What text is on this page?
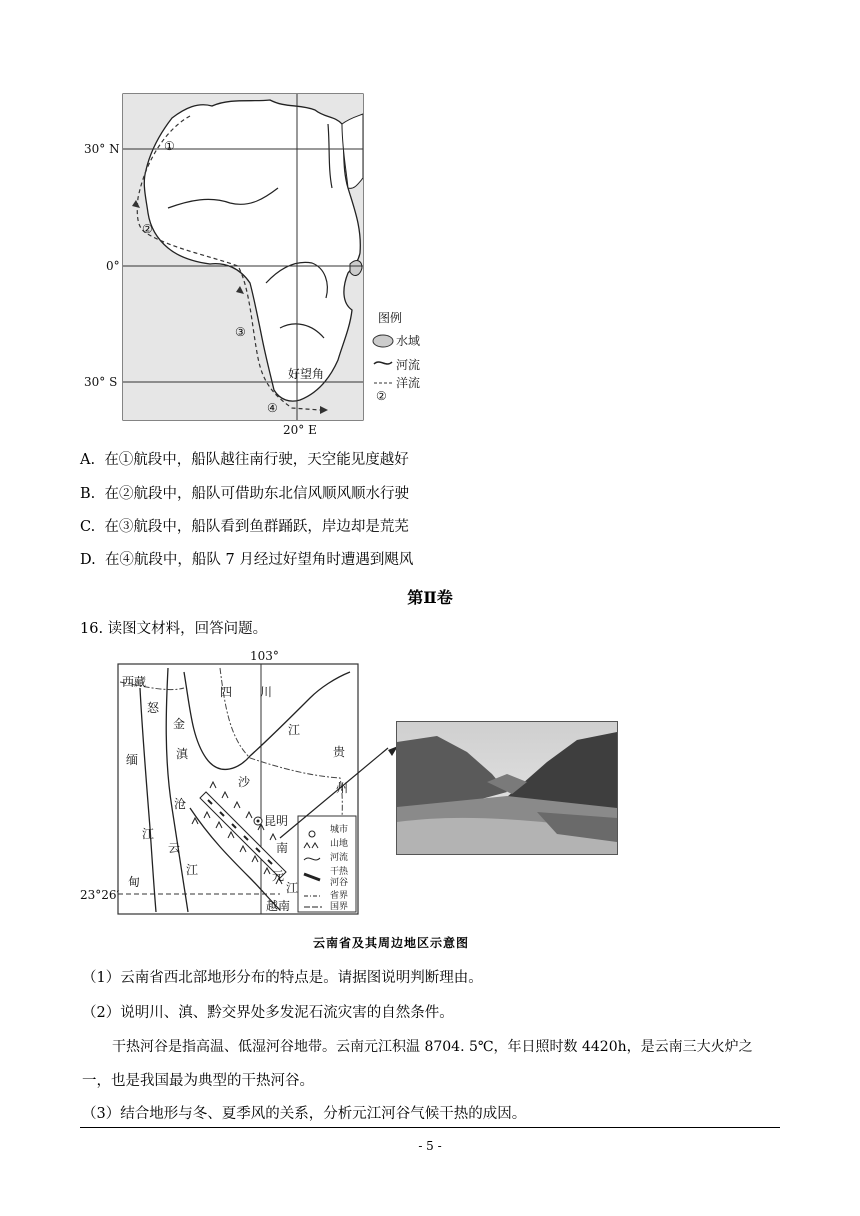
30° N
0°
30° S
20° E
好望角
①
②
③
④
图例
水域
河流
洋流
②
A. 在①航段中，船队越往南行驶，天空能见度越好
B. 在②航段中，船队可借助东北信风顺风顺水行驶
C. 在③航段中，船队看到鱼群踊跃，岸边却是荒芜
D. 在④航段中，船队 7 月经过好望角时遭遇到飓风
第Ⅱ卷
16. 读图文材料，回答问题。
103°
23°26′
西藏
四 川
江
贵
州
怒
金
沙
滇
缅
沧
云
江
甸
江
南
元
江
越南
昆明
城市
山地
河流
干热
河谷
省界
国界
云南省及其周边地区示意图
（1）云南省西北部地形分布的特点是。请据图说明判断理由。
（2）说明川、滇、黔交界处多发泥石流灾害的自然条件。
干热河谷是指高温、低湿河谷地带。云南元江积温 8704. 5℃，年日照时数 4420h，是云南三大火炉之
一，也是我国最为典型的干热河谷。
（3）结合地形与冬、夏季风的关系，分析元江河谷气候干热的成因。
- 5 -
